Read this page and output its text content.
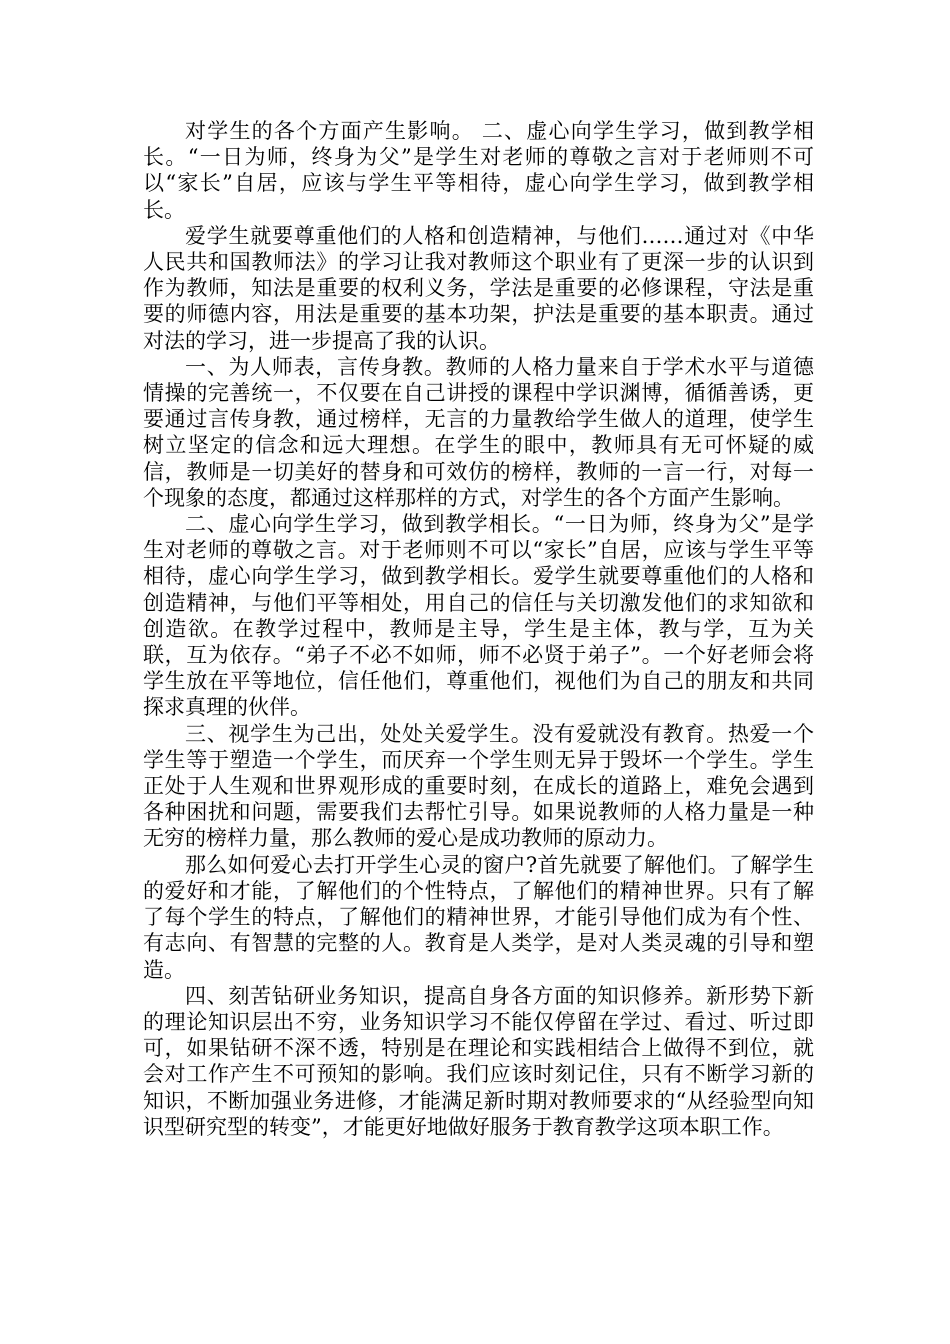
对学生的各个方面产生影响。 二、虚心向学生学习，做到教学相长。“一日为师，终身为父”是学生对老师的尊敬之言对于老师则不可以“家长”自居，应该与学生平等相待，虚心向学生学习，做到教学相长。

爱学生就要尊重他们的人格和创造精神，与他们……通过对《中华人民共和国教师法》的学习让我对教师这个职业有了更深一步的认识到作为教师，知法是重要的权利义务，学法是重要的必修课程，守法是重要的师德内容，用法是重要的基本功架，护法是重要的基本职责。通过对法的学习，进一步提高了我的认识。

一、为人师表，言传身教。教师的人格力量来自于学术水平与道德情操的完善统一，不仅要在自己讲授的课程中学识渊博，循循善诱，更要通过言传身教，通过榜样，无言的力量教给学生做人的道理，使学生树立坚定的信念和远大理想。在学生的眼中，教师具有无可怀疑的威信，教师是一切美好的替身和可效仿的榜样，教师的一言一行，对每一个现象的态度，都通过这样那样的方式，对学生的各个方面产生影响。

二、虚心向学生学习，做到教学相长。“一日为师，终身为父”是学生对老师的尊敬之言。对于老师则不可以“家长”自居，应该与学生平等相待，虚心向学生学习，做到教学相长。爱学生就要尊重他们的人格和创造精神，与他们平等相处，用自己的信任与关切激发他们的求知欲和创造欲。在教学过程中，教师是主导，学生是主体，教与学，互为关联，互为依存。“弟子不必不如师，师不必贤于弟子”。一个好老师会将学生放在平等地位，信任他们，尊重他们，视他们为自己的朋友和共同探求真理的伙伴。

三、视学生为己出，处处关爱学生。没有爱就没有教育。热爱一个学生等于塑造一个学生，而厌弃一个学生则无异于毁坏一个学生。学生正处于人生观和世界观形成的重要时刻，在成长的道路上，难免会遇到各种困扰和问题，需要我们去帮忙引导。如果说教师的人格力量是一种无穷的榜样力量，那么教师的爱心是成功教师的原动力。

那么如何爱心去打开学生心灵的窗户?首先就要了解他们。了解学生的爱好和才能，了解他们的个性特点，了解他们的精神世界。只有了解了每个学生的特点，了解他们的精神世界，才能引导他们成为有个性、有志向、有智慧的完整的人。教育是人类学，是对人类灵魂的引导和塑造。

四、刻苦钻研业务知识，提高自身各方面的知识修养。新形势下新的理论知识层出不穷，业务知识学习不能仅停留在学过、看过、听过即可，如果钻研不深不透，特别是在理论和实践相结合上做得不到位，就会对工作产生不可预知的影响。我们应该时刻记住，只有不断学习新的知识，不断加强业务进修，才能满足新时期对教师要求的“从经验型向知识型研究型的转变”，才能更好地做好服务于教育教学这项本职工作。
